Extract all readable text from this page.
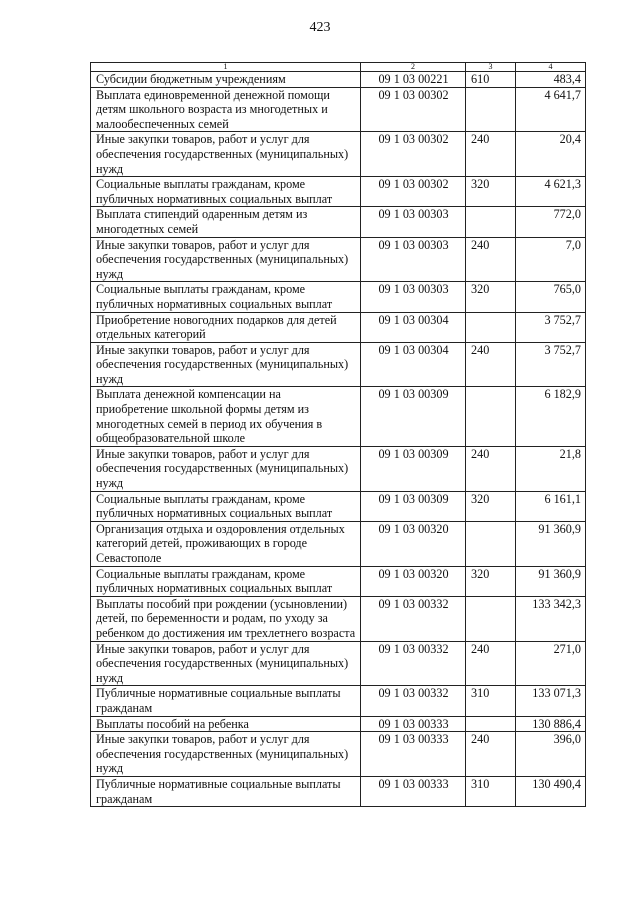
423
1	2	3	4
Субсидии бюджетным учреждениям	09 1 03 00221	610	483,4
Выплата единовременной денежной помощи детям школьного возраста из многодетных и малообеспеченных семей	09 1 03 00302		4 641,7
Иные закупки товаров, работ и услуг для обеспечения государственных (муниципальных) нужд	09 1 03 00302	240	20,4
Социальные выплаты гражданам, кроме публичных нормативных социальных выплат	09 1 03 00302	320	4 621,3
Выплата стипендий одаренным детям из многодетных семей	09 1 03 00303		772,0
Иные закупки товаров, работ и услуг для обеспечения государственных (муниципальных) нужд	09 1 03 00303	240	7,0
Социальные выплаты гражданам, кроме публичных нормативных социальных выплат	09 1 03 00303	320	765,0
Приобретение новогодних подарков для детей отдельных категорий	09 1 03 00304		3 752,7
Иные закупки товаров, работ и услуг для обеспечения государственных (муниципальных) нужд	09 1 03 00304	240	3 752,7
Выплата денежной компенсации на приобретение школьной формы детям из многодетных семей в период их обучения в общеобразовательной школе	09 1 03 00309		6 182,9
Иные закупки товаров, работ и услуг для обеспечения государственных (муниципальных) нужд	09 1 03 00309	240	21,8
Социальные выплаты гражданам, кроме публичных нормативных социальных выплат	09 1 03 00309	320	6 161,1
Организация отдыха и оздоровления отдельных категорий детей, проживающих в городе Севастополе	09 1 03 00320		91 360,9
Социальные выплаты гражданам, кроме публичных нормативных социальных выплат	09 1 03 00320	320	91 360,9
Выплаты пособий при рождении (усыновлении) детей, по беременности и родам, по уходу за ребенком до достижения им трехлетнего возраста	09 1 03 00332		133 342,3
Иные закупки товаров, работ и услуг для обеспечения государственных (муниципальных) нужд	09 1 03 00332	240	271,0
Публичные нормативные социальные выплаты гражданам	09 1 03 00332	310	133 071,3
Выплаты пособий на ребенка	09 1 03 00333		130 886,4
Иные закупки товаров, работ и услуг для обеспечения государственных (муниципальных) нужд	09 1 03 00333	240	396,0
Публичные нормативные социальные выплаты гражданам	09 1 03 00333	310	130 490,4
